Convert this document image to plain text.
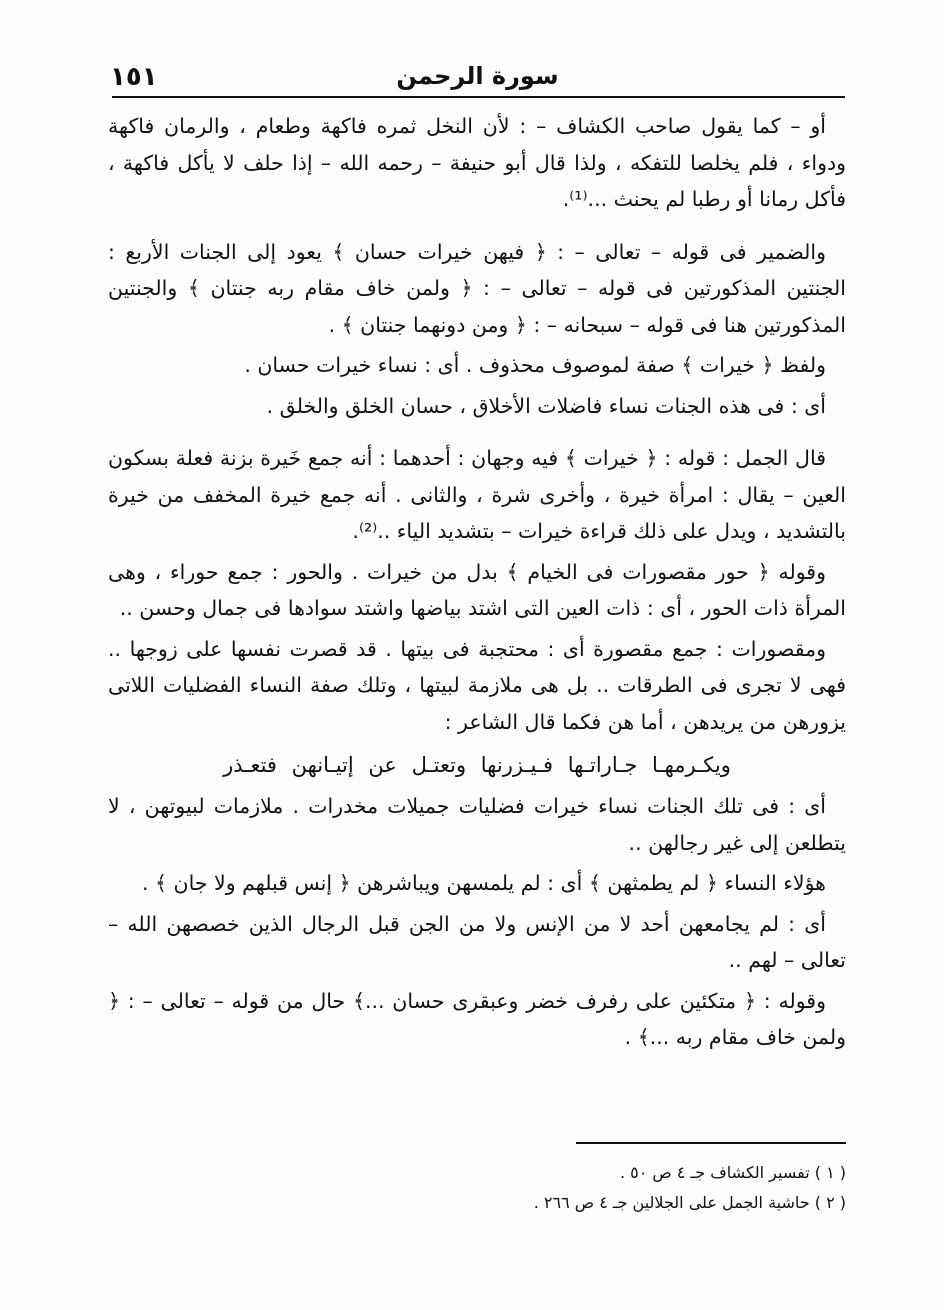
١٥١	سورة الرحمن

أو – كما يقول صاحب الكشاف – : لأن النخل ثمره فاكهة وطعام ، والرمان فاكهة ودواء ، فلم يخلصا للتفكه ، ولذا قال أبو حنيفة – رحمه الله – إذا حلف لا يأكل فاكهة ، فأكل رمانا أو رطبا لم يحنث ...⁽¹⁾.

والضمير فى قوله – تعالى – : ﴿ فيهن خيرات حسان ﴾ يعود إلى الجنات الأربع : الجنتين المذكورتين فى قوله – تعالى – : ﴿ ولمن خاف مقام ربه جنتان ﴾ والجنتين المذكورتين هنا فى قوله – سبحانه – : ﴿ ومن دونهما جنتان ﴾ .

ولفظ ﴿ خيرات ﴾ صفة لموصوف محذوف . أى : نساء خيرات حسان .

أى : فى هذه الجنات نساء فاضلات الأخلاق ، حسان الخلق والخلق .

قال الجمل : قوله : ﴿ خيرات ﴾ فيه وجهان : أحدهما : أنه جمع خَيرة بزنة فعلة بسكون العين – يقال : امرأة خيرة ، وأخرى شرة ، والثانى . أنه جمع خيرة المخفف من خيرة بالتشديد ، ويدل على ذلك قراءة خيرات – بتشديد الياء ..⁽²⁾.

وقوله ﴿ حور مقصورات فى الخيام ﴾ بدل من خيرات . والحور : جمع حوراء ، وهى المرأة ذات الحور ، أى : ذات العين التى اشتد بياضها واشتد سوادها فى جمال وحسن ..

ومقصورات : جمع مقصورة أى : محتجبة فى بيتها . قد قصرت نفسها على زوجها .. فهى لا تجرى فى الطرقات .. بل هى ملازمة لبيتها ، وتلك صفة النساء الفضليات اللاتى يزورهن من يريدهن ، أما هن فكما قال الشاعر :

ويكـرمهـا جـاراتـها فـيـزرنها وتعتـل عن إتيـانهن فتعـذر

أى : فى تلك الجنات نساء خيرات فضليات جميلات مخدرات . ملازمات لبيوتهن ، لا يتطلعن إلى غير رجالهن ..

هؤلاء النساء ﴿ لم يطمثهن ﴾ أى : لم يلمسهن ويباشرهن ﴿ إنس قبلهم ولا جان ﴾ .

أى : لم يجامعهن أحد لا من الإنس ولا من الجن قبل الرجال الذين خصصهن الله – تعالى – لهم ..

وقوله : ﴿ متكئين على رفرف خضر وعبقرى حسان ...﴾ حال من قوله – تعالى – : ﴿ ولمن خاف مقام ربه ...﴾ .

( ١ ) تفسير الكشاف جـ ٤ ص ٥٠ .

( ٢ ) حاشية الجمل على الجلالين جـ ٤ ص ٢٦٦ .
